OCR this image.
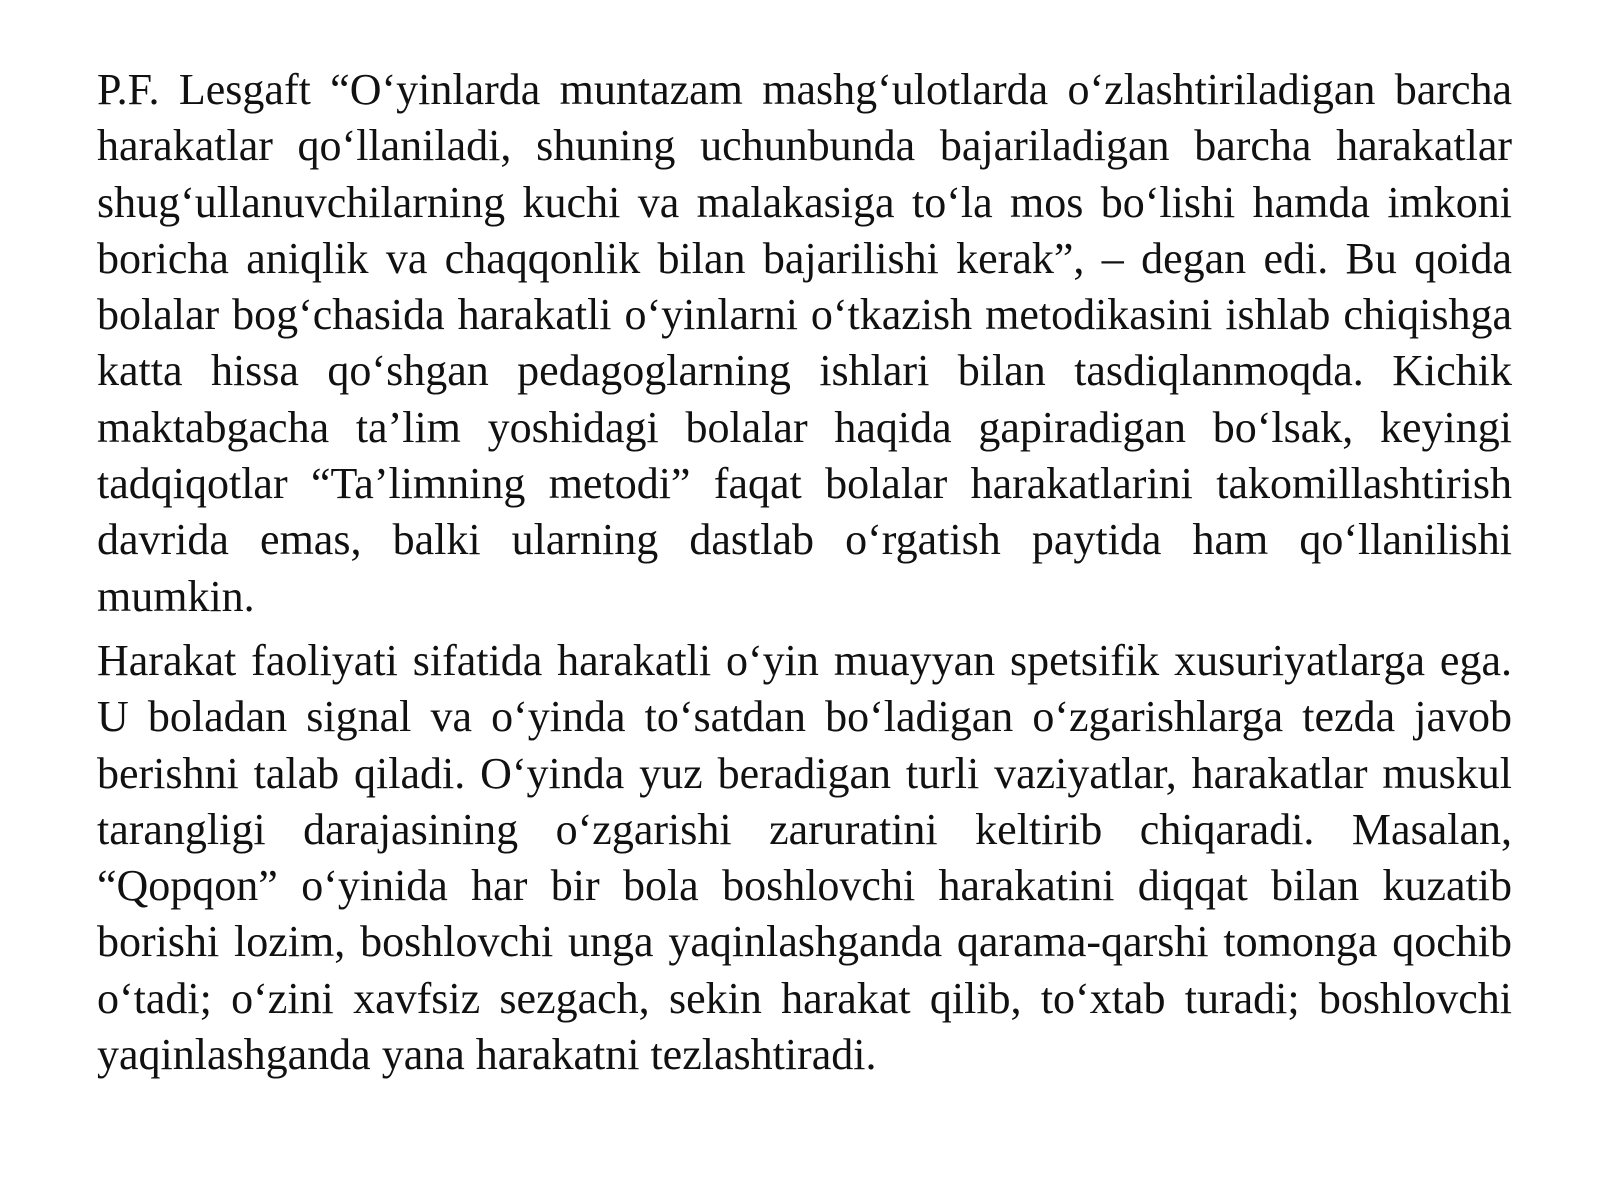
P.F. Lesgaft “O‘yinlarda muntazam mashg‘ulotlarda o‘zlashtiriladigan barcha harakatlar qo‘llaniladi, shuning uchunbunda bajariladigan barcha harakatlar shug‘ullanuvchilarning kuchi va malakasiga to‘la mos bo‘lishi hamda imkoni boricha aniqlik va chaqqonlik bilan bajarilishi kerak”, – degan edi. Bu qoida bolalar bog‘chasida harakatli o‘yinlarni o‘tkazish metodikasini ishlab chiqishga katta hissa qo‘shgan pedagoglarning ishlari bilan tasdiqlanmoqda. Kichik maktabgacha ta’lim yoshidagi bolalar haqida gapiradigan bo‘lsak, keyingi tadqiqotlar “Ta’limning metodi” faqat bolalar harakatlarini takomillashtirish davrida emas, balki ularning dastlab o‘rgatish paytida ham qo‘llanilishi mumkin.

Harakat faoliyati sifatida harakatli o‘yin muayyan spetsifik xusuriyatlarga ega. U boladan signal va o‘yinda to‘satdan bo‘ladigan o‘zgarishlarga tezda javob berishni talab qiladi. O‘yinda yuz beradigan turli vaziyatlar, harakatlar muskul tarangligi darajasining o‘zgarishi zaruratini keltirib chiqaradi. Masalan, “Qopqon” o‘yinida har bir bola boshlovchi harakatini diqqat bilan kuzatib borishi lozim, boshlovchi unga yaqinlashganda qarama-qarshi tomonga qochib o‘tadi; o‘zini xavfsiz sezgach, sekin harakat qilib, to‘xtab turadi; boshlovchi yaqinlashganda yana harakatni tezlashtiradi.
